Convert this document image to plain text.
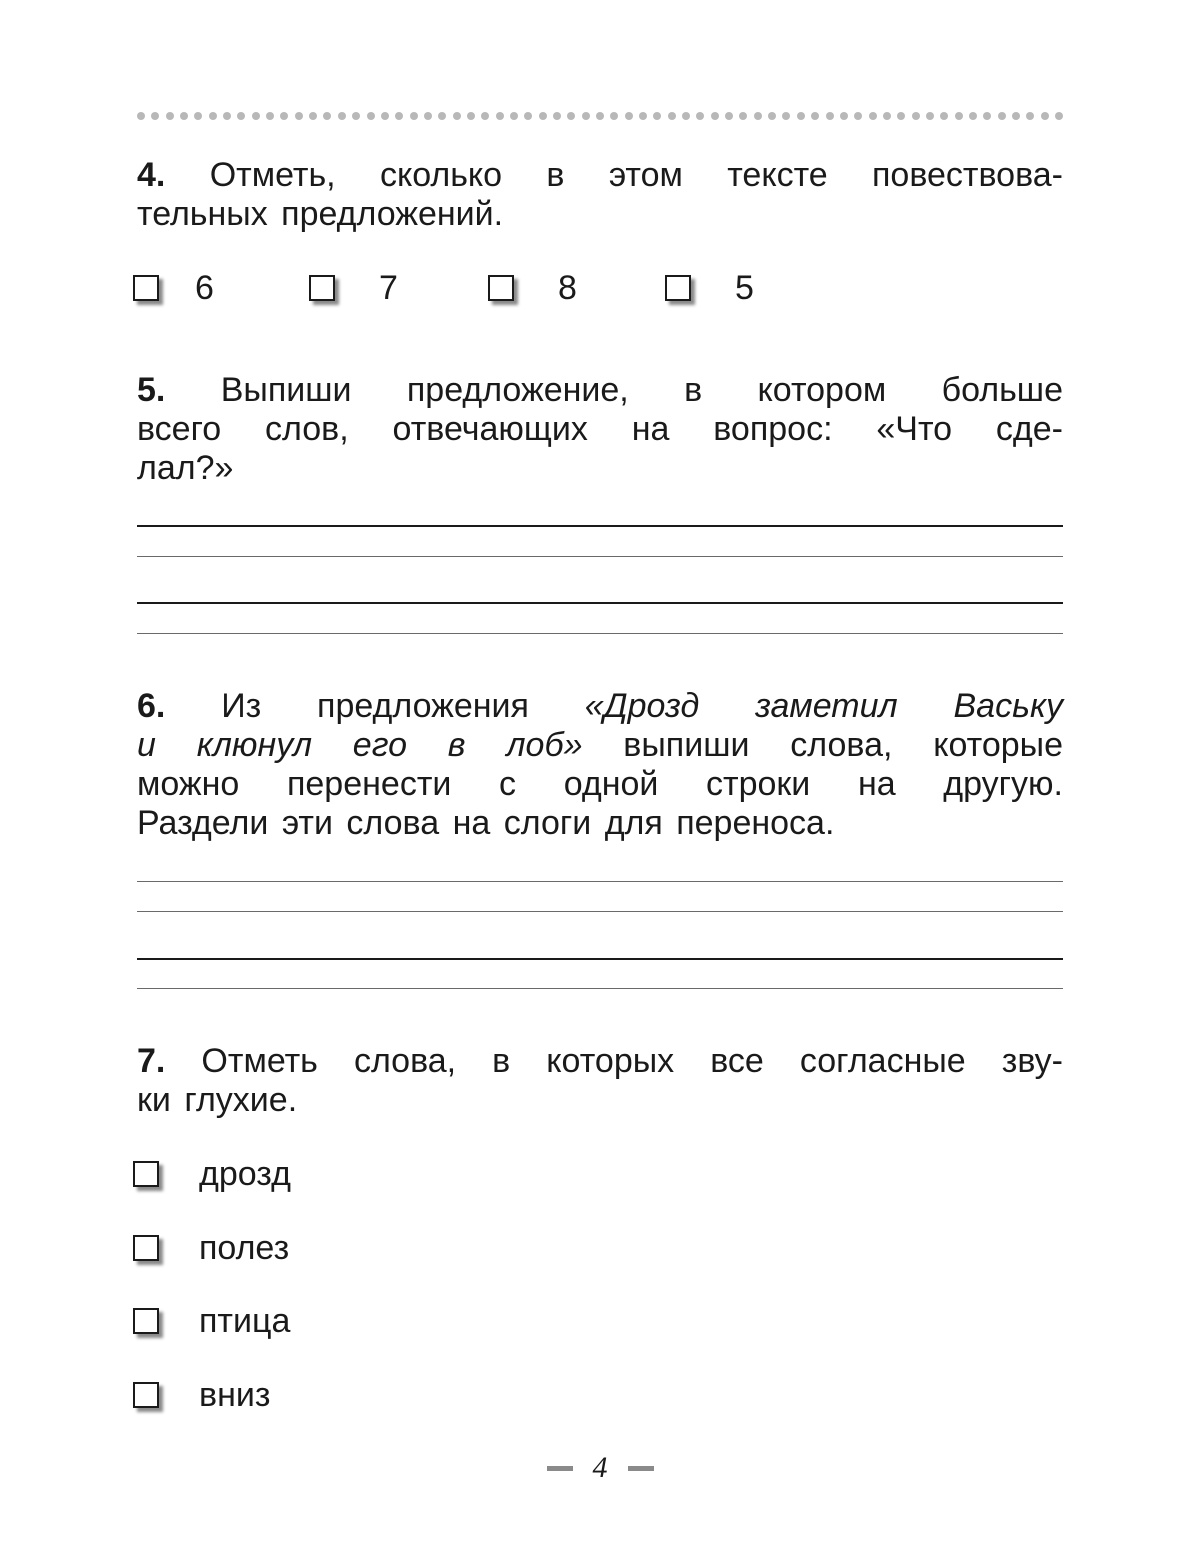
4. Отметь, сколько в этом тексте повествова-
тельных предложений.
6	7	8	5
5. Выпиши предложение, в котором больше
всего слов, отвечающих на вопрос: «Что сде-
лал?»
6. Из предложения «Дрозд заметил Ваську
и клюнул его в лоб» выпиши слова, которые
можно перенести с одной строки на другую.
Раздели эти слова на слоги для переноса.
7. Отметь слова, в которых все согласные зву-
ки глухие.
дрозд
полез
птица
вниз
4
